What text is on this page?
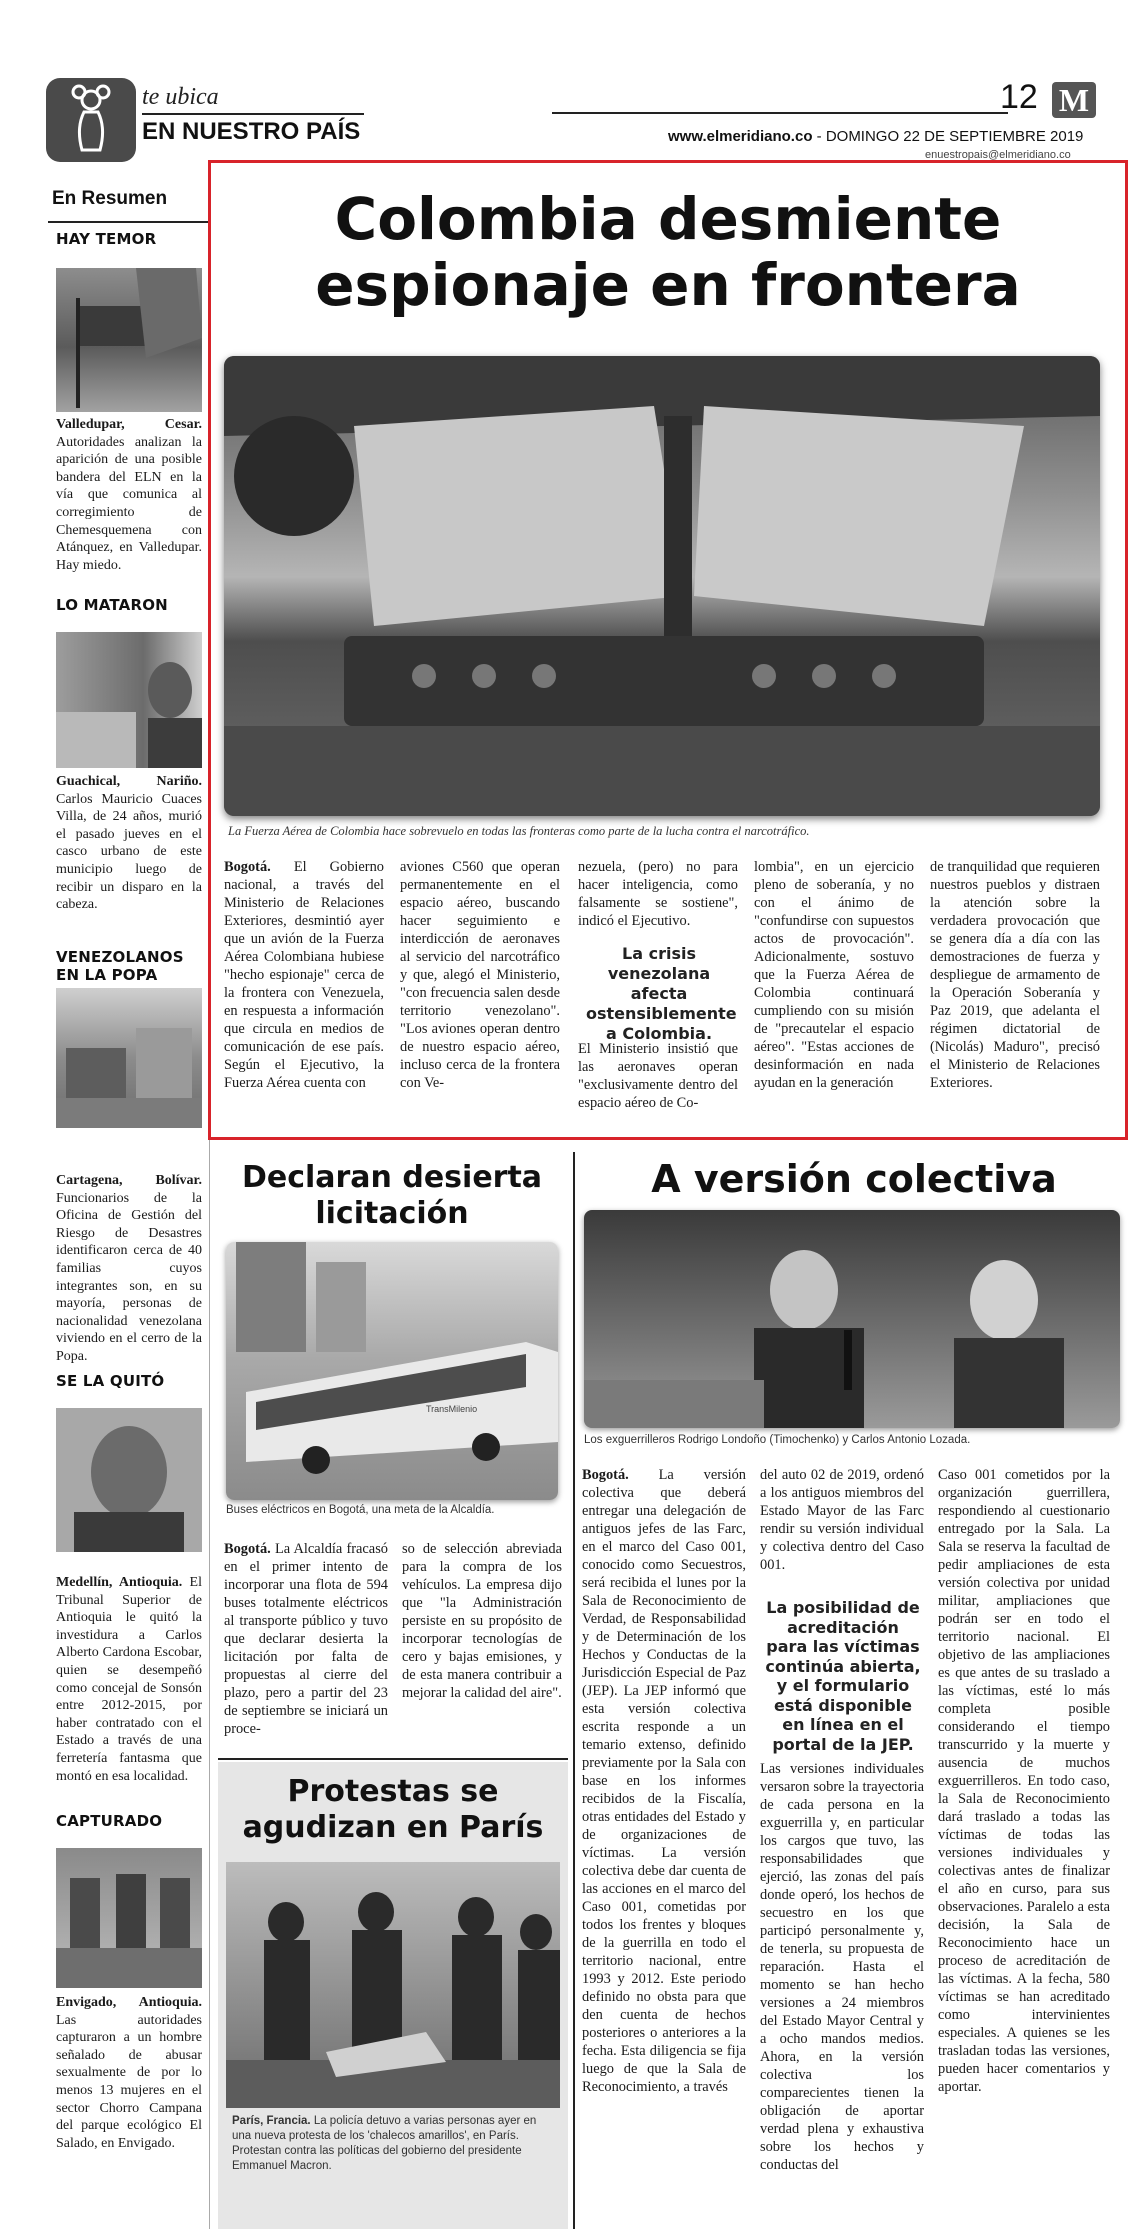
te ubica
EN NUESTRO PAÍS
12 M
www.elmeridiano.co - DOMINGO 22 DE SEPTIEMBRE 2019
enuestropais@elmeridiano.co
En Resumen
HAY TEMOR
Valledupar, Cesar. Autoridades analizan la aparición de una posible bandera del ELN en la vía que comunica al corregimiento de Chemesquemena con Atánquez, en Valledupar. Hay miedo.
LO MATARON
Guachical, Nariño. Carlos Mauricio Cuaces Villa, de 24 años, murió el pasado jueves en el casco urbano de este municipio luego de recibir un disparo en la cabeza.
VENEZOLANOS EN LA POPA
Cartagena, Bolívar. Funcionarios de la Oficina de Gestión del Riesgo de Desastres identificaron cerca de 40 familias cuyos integrantes son, en su mayoría, personas de nacionalidad venezolana viviendo en el cerro de la Popa.
SE LA QUITÓ
Medellín, Antioquia. El Tribunal Superior de Antioquia le quitó la investidura a Carlos Alberto Cardona Escobar, quien se desempeñó como concejal de Sonsón entre 2012-2015, por haber contratado con el Estado a través de una ferretería fantasma que montó en esa localidad.
CAPTURADO
Envigado, Antioquia. Las autoridades capturaron a un hombre señalado de abusar sexualmente de por lo menos 13 mujeres en el sector Chorro Campana del parque ecológico El Salado, en Envigado.
Colombia desmiente
espionaje en frontera
La Fuerza Aérea de Colombia hace sobrevuelo en todas las fronteras como parte de la lucha contra el narcotráfico.
Bogotá. El Gobierno nacional, a través del Ministerio de Relaciones Exteriores, desmintió ayer que un avión de la Fuerza Aérea Colombiana hubiese "hecho espionaje" cerca de la frontera con Venezuela, en respuesta a información que circula en medios de comunicación de ese país. Según el Ejecutivo, la Fuerza Aérea cuenta con
aviones C560 que operan permanentemente en el espacio aéreo, buscando hacer seguimiento e interdicción de aeronaves al servicio del narcotráfico y que, alegó el Ministerio, "con frecuencia salen desde territorio venezolano". "Los aviones operan dentro de nuestro espacio aéreo, incluso cerca de la frontera con Ve-
nezuela, (pero) no para hacer inteligencia, como falsamente se sostiene", indicó el Ejecutivo.
La crisis venezolana afecta ostensiblemente a Colombia.
El Ministerio insistió que las aeronaves operan "exclusivamente dentro del espacio aéreo de Co-
lombia", en un ejercicio pleno de soberanía, y no con el ánimo de "confundirse con supuestos actos de provocación". Adicionalmente, sostuvo que la Fuerza Aérea de Colombia continuará cumpliendo con su misión de "precautelar el espacio aéreo". "Estas acciones de desinformación en nada ayudan en la generación
de tranquilidad que requieren nuestros pueblos y distraen la atención sobre la verdadera provocación que se genera día a día con las demostraciones de fuerza y despliegue de armamento de la Operación Soberanía y Paz 2019, que adelanta el régimen dictatorial de (Nicolás) Maduro", precisó el Ministerio de Relaciones Exteriores.
Declaran desierta
licitación
TransMilenio
Buses eléctricos en Bogotá, una meta de la Alcaldía.
Bogotá. La Alcaldía fracasó en el primer intento de incorporar una flota de 594 buses totalmente eléctricos al transporte público y tuvo que declarar desierta la licitación por falta de propuestas al cierre del plazo, pero a partir del 23 de septiembre se iniciará un proce-
so de selección abreviada para la compra de los vehículos. La empresa dijo que "la Administración persiste en su propósito de incorporar tecnologías de cero y bajas emisiones, y de esta manera contribuir a mejorar la calidad del aire".
Protestas se
agudizan en París
París, Francia. La policía detuvo a varias personas ayer en una nueva protesta de los 'chalecos amarillos', en París. Protestan contra las políticas del gobierno del presidente Emmanuel Macron.
A versión colectiva
Los exguerrilleros Rodrigo Londoño (Timochenko) y Carlos Antonio Lozada.
Bogotá. La versión colectiva que deberá entregar una delegación de antiguos jefes de las Farc, en el marco del Caso 001, conocido como Secuestros, será recibida el lunes por la Sala de Reconocimiento de Verdad, de Responsabilidad y de Determinación de los Hechos y Conductas de la Jurisdicción Especial de Paz (JEP). La JEP informó que esta versión colectiva escrita responde a un temario extenso, definido previamente por la Sala con base en los informes recibidos de la Fiscalía, otras entidades del Estado y de organizaciones de víctimas. La versión colectiva debe dar cuenta de las acciones en el marco del Caso 001, cometidas por todos los frentes y bloques de la guerrilla en todo el territorio nacional, entre 1993 y 2012. Este periodo definido no obsta para que den cuenta de hechos posteriores o anteriores a la fecha. Esta diligencia se fija luego de que la Sala de Reconocimiento, a través
del auto 02 de 2019, ordenó a los antiguos miembros del Estado Mayor de las Farc rendir su versión individual y colectiva dentro del Caso 001.
La posibilidad de acreditación para las víctimas continúa abierta, y el formulario está disponible en línea en el portal de la JEP.
Las versiones individuales versaron sobre la trayectoria de cada persona en la exguerrilla y, en particular los cargos que tuvo, las responsabilidades que ejerció, las zonas del país donde operó, los hechos de secuestro en los que participó personalmente y, de tenerla, su propuesta de reparación. Hasta el momento se han hecho versiones a 24 miembros del Estado Mayor Central y a ocho mandos medios. Ahora, en la versión colectiva los comparecientes tienen la obligación de aportar verdad plena y exhaustiva sobre los hechos y conductas del
Caso 001 cometidos por la organización guerrillera, respondiendo al cuestionario entregado por la Sala. La Sala se reserva la facultad de pedir ampliaciones de esta versión colectiva por unidad militar, ampliaciones que podrán ser en todo el territorio nacional. El objetivo de las ampliaciones es que antes de su traslado a las víctimas, esté lo más completa posible considerando el tiempo transcurrido y la muerte y ausencia de muchos exguerrilleros. En todo caso, la Sala de Reconocimiento dará traslado a todas las víctimas de todas las versiones individuales y colectivas antes de finalizar el año en curso, para sus observaciones. Paralelo a esta decisión, la Sala de Reconocimiento hace un proceso de acreditación de las víctimas. A la fecha, 580 víctimas se han acreditado como intervinientes especiales. A quienes se les trasladan todas las versiones, pueden hacer comentarios y aportar.
